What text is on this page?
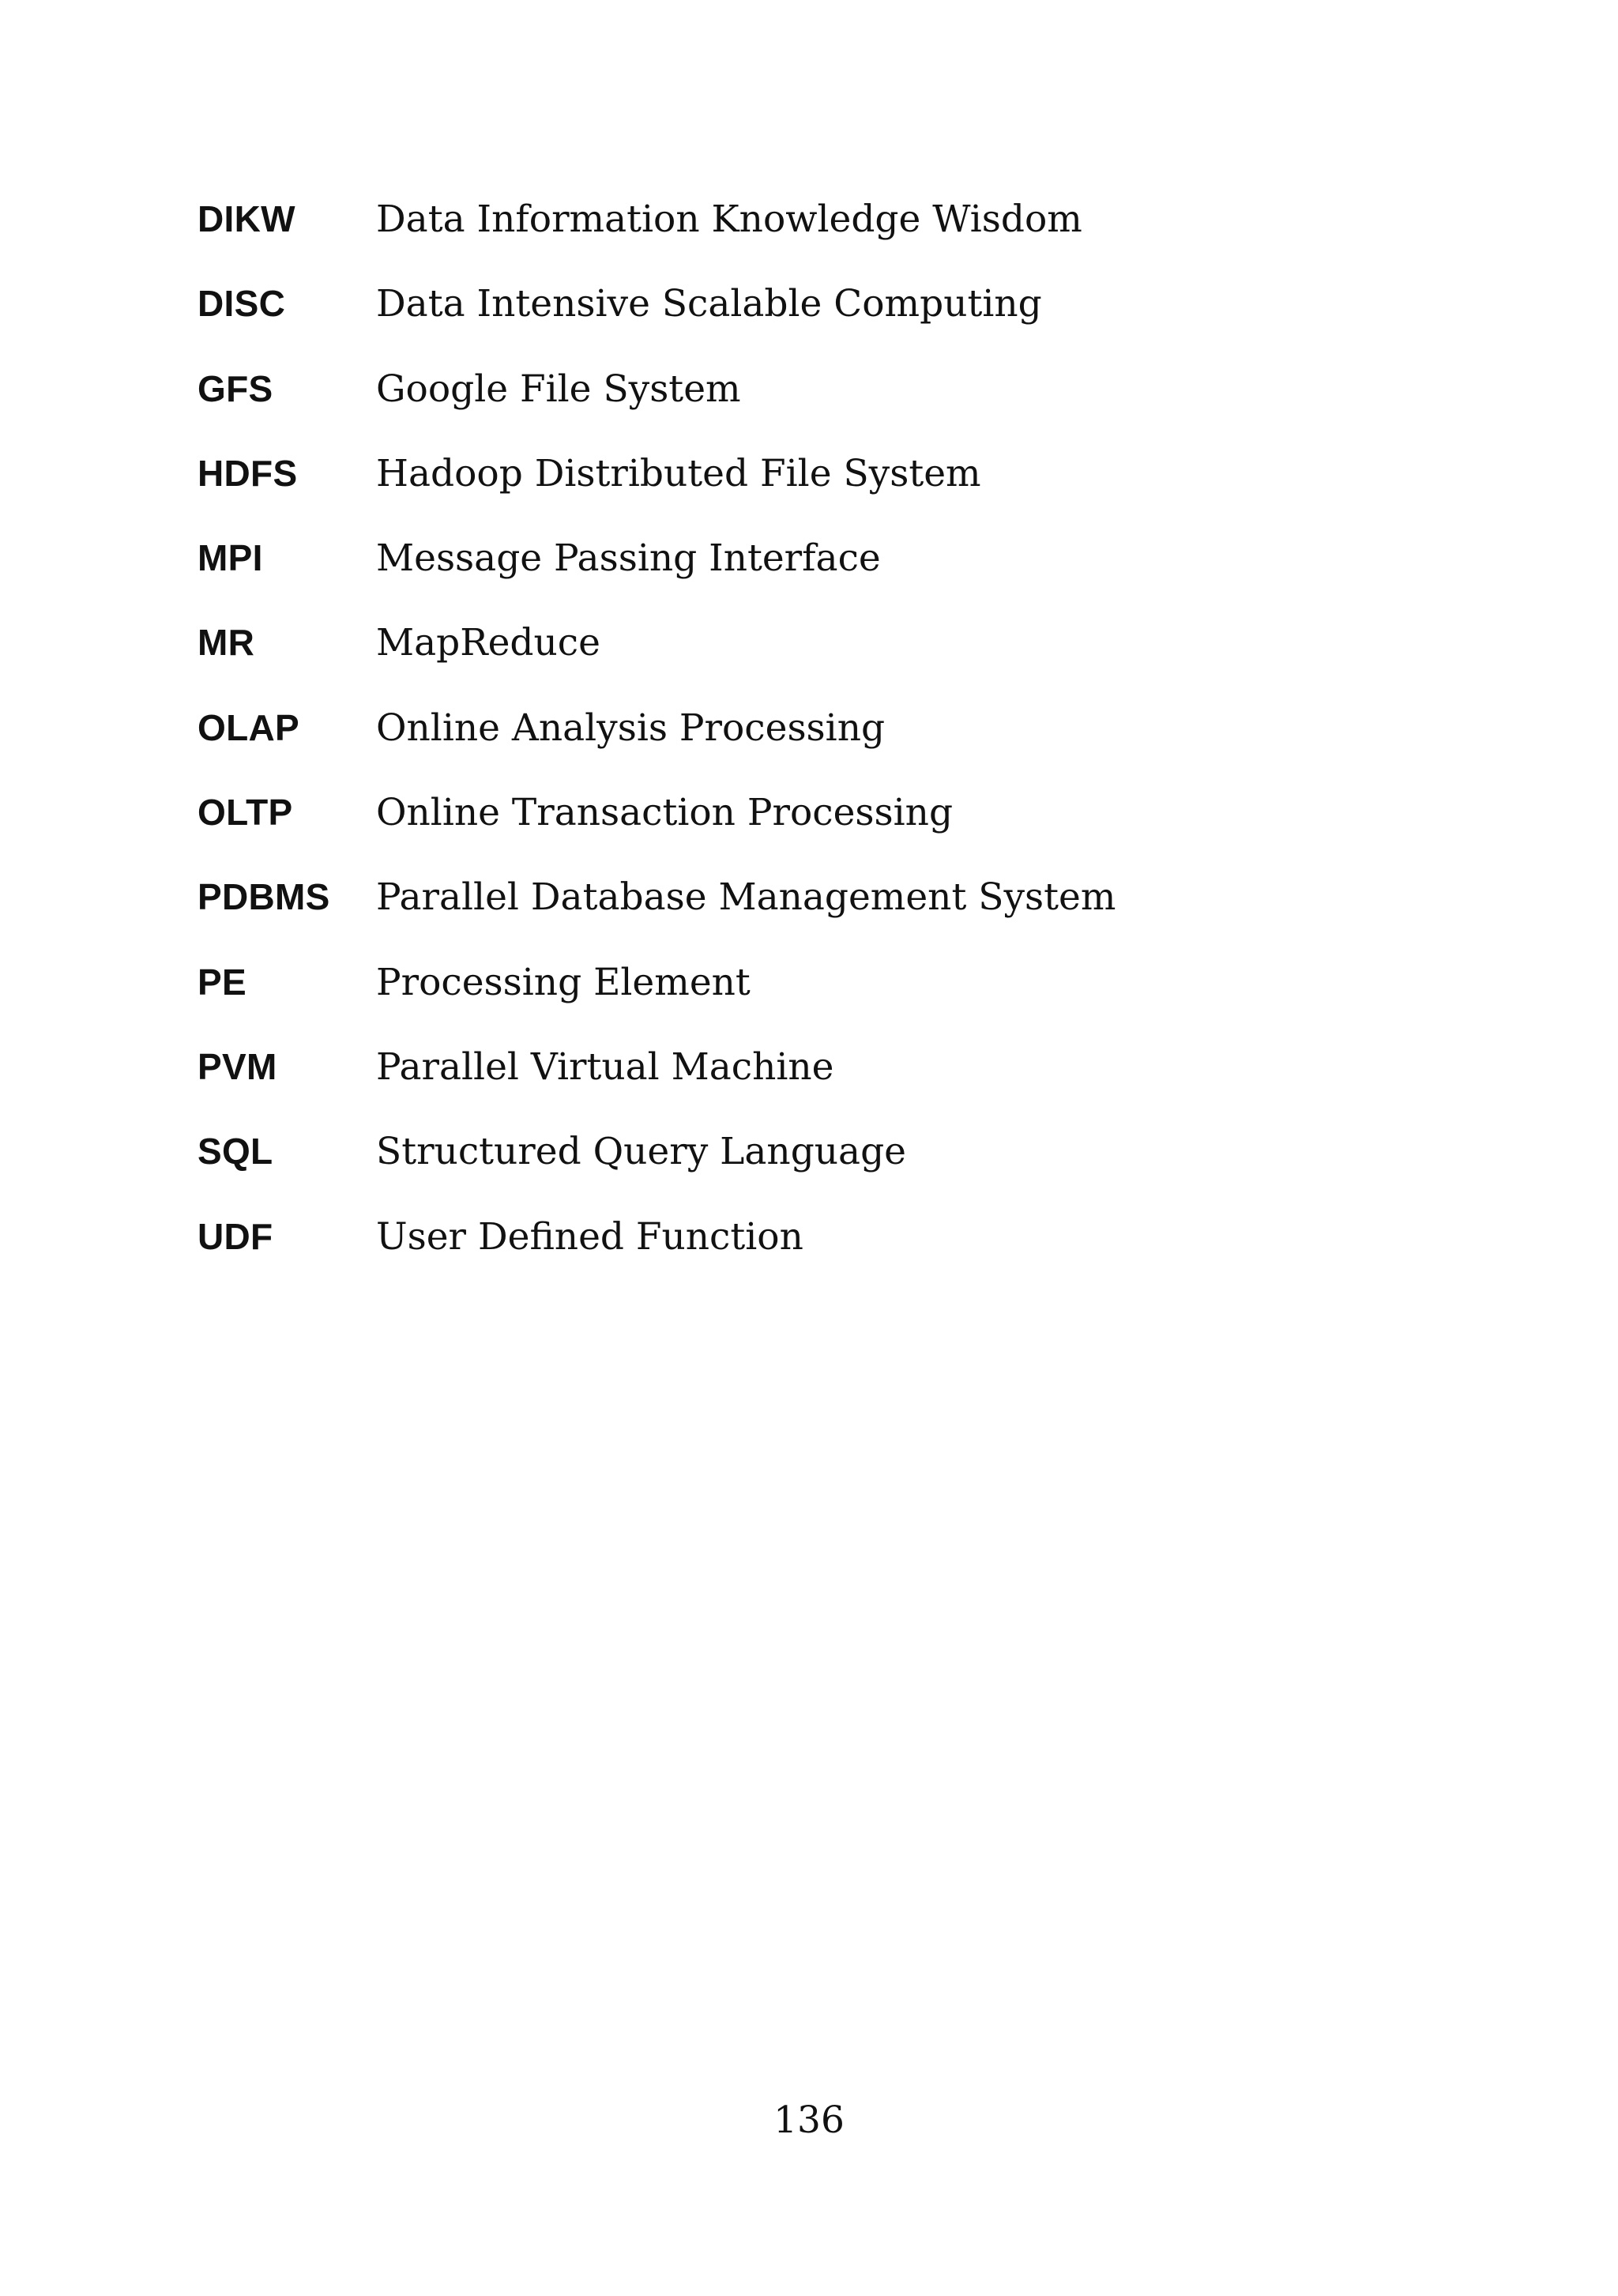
DIKW	Data Information Knowledge Wisdom
DISC	Data Intensive Scalable Computing
GFS	Google File System
HDFS	Hadoop Distributed File System
MPI	Message Passing Interface
MR	MapReduce
OLAP	Online Analysis Processing
OLTP	Online Transaction Processing
PDBMS	Parallel Database Management System
PE	Processing Element
PVM	Parallel Virtual Machine
SQL	Structured Query Language
UDF	User Defined Function
136
